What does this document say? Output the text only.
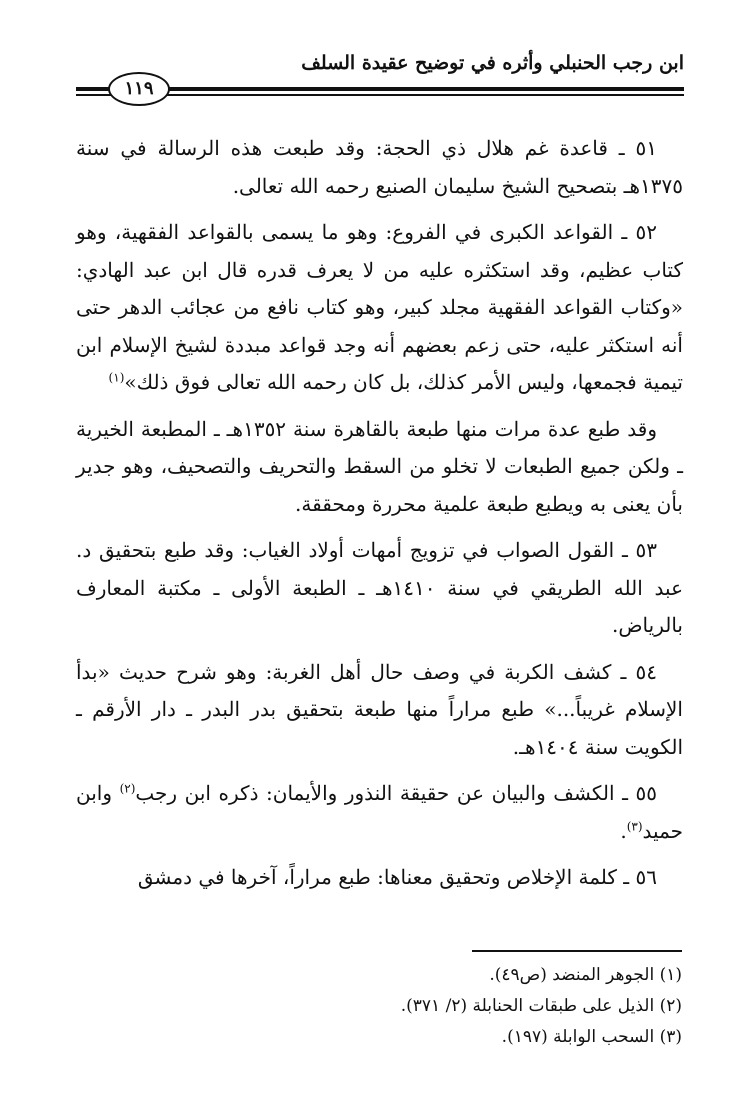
ابن رجب الحنبلي وأثره في توضيح عقيدة السلف
١١٩

٥١ ـ قاعدة غم هلال ذي الحجة: وقد طبعت هذه الرسالة في سنة ١٣٧٥هـ بتصحيح الشيخ سليمان الصنيع رحمه الله تعالى.

٥٢ ـ القواعد الكبرى في الفروع: وهو ما يسمى بالقواعد الفقهية، وهو كتاب عظيم، وقد استكثره عليه من لا يعرف قدره قال ابن عبد الهادي: «وكتاب القواعد الفقهية مجلد كبير، وهو كتاب نافع من عجائب الدهر حتى أنه استكثر عليه، حتى زعم بعضهم أنه وجد قواعد مبددة لشيخ الإسلام ابن تيمية فجمعها، وليس الأمر كذلك، بل كان رحمه الله تعالى فوق ذلك»$^{(١)}$

وقد طبع عدة مرات منها طبعة بالقاهرة سنة ١٣٥٢هـ ـ المطبعة الخيرية ـ ولكن جميع الطبعات لا تخلو من السقط والتحريف والتصحيف، وهو جدير بأن يعنى به ويطبع طبعة علمية محررة ومحققة.

٥٣ ـ القول الصواب في تزويج أمهات أولاد الغياب: وقد طبع بتحقيق د. عبد الله الطريقي في سنة ١٤١٠هـ ـ الطبعة الأولى ـ مكتبة المعارف بالرياض.

٥٤ ـ كشف الكربة في وصف حال أهل الغربة: وهو شرح حديث «بدأ الإسلام غريباً...» طبع مراراً منها طبعة بتحقيق بدر البدر ـ دار الأرقم ـ الكويت سنة ١٤٠٤هـ.

٥٥ ـ الكشف والبيان عن حقيقة النذور والأيمان: ذكره ابن رجب$^{(٢)}$ وابن حميد$^{(٣)}$.

٥٦ ـ كلمة الإخلاص وتحقيق معناها: طبع مراراً، آخرها في دمشق

(١) الجوهر المنضد (ص٤٩).

(٢) الذيل على طبقات الحنابلة (٢/ ٣٧١).

(٣) السحب الوابلة (١٩٧).
